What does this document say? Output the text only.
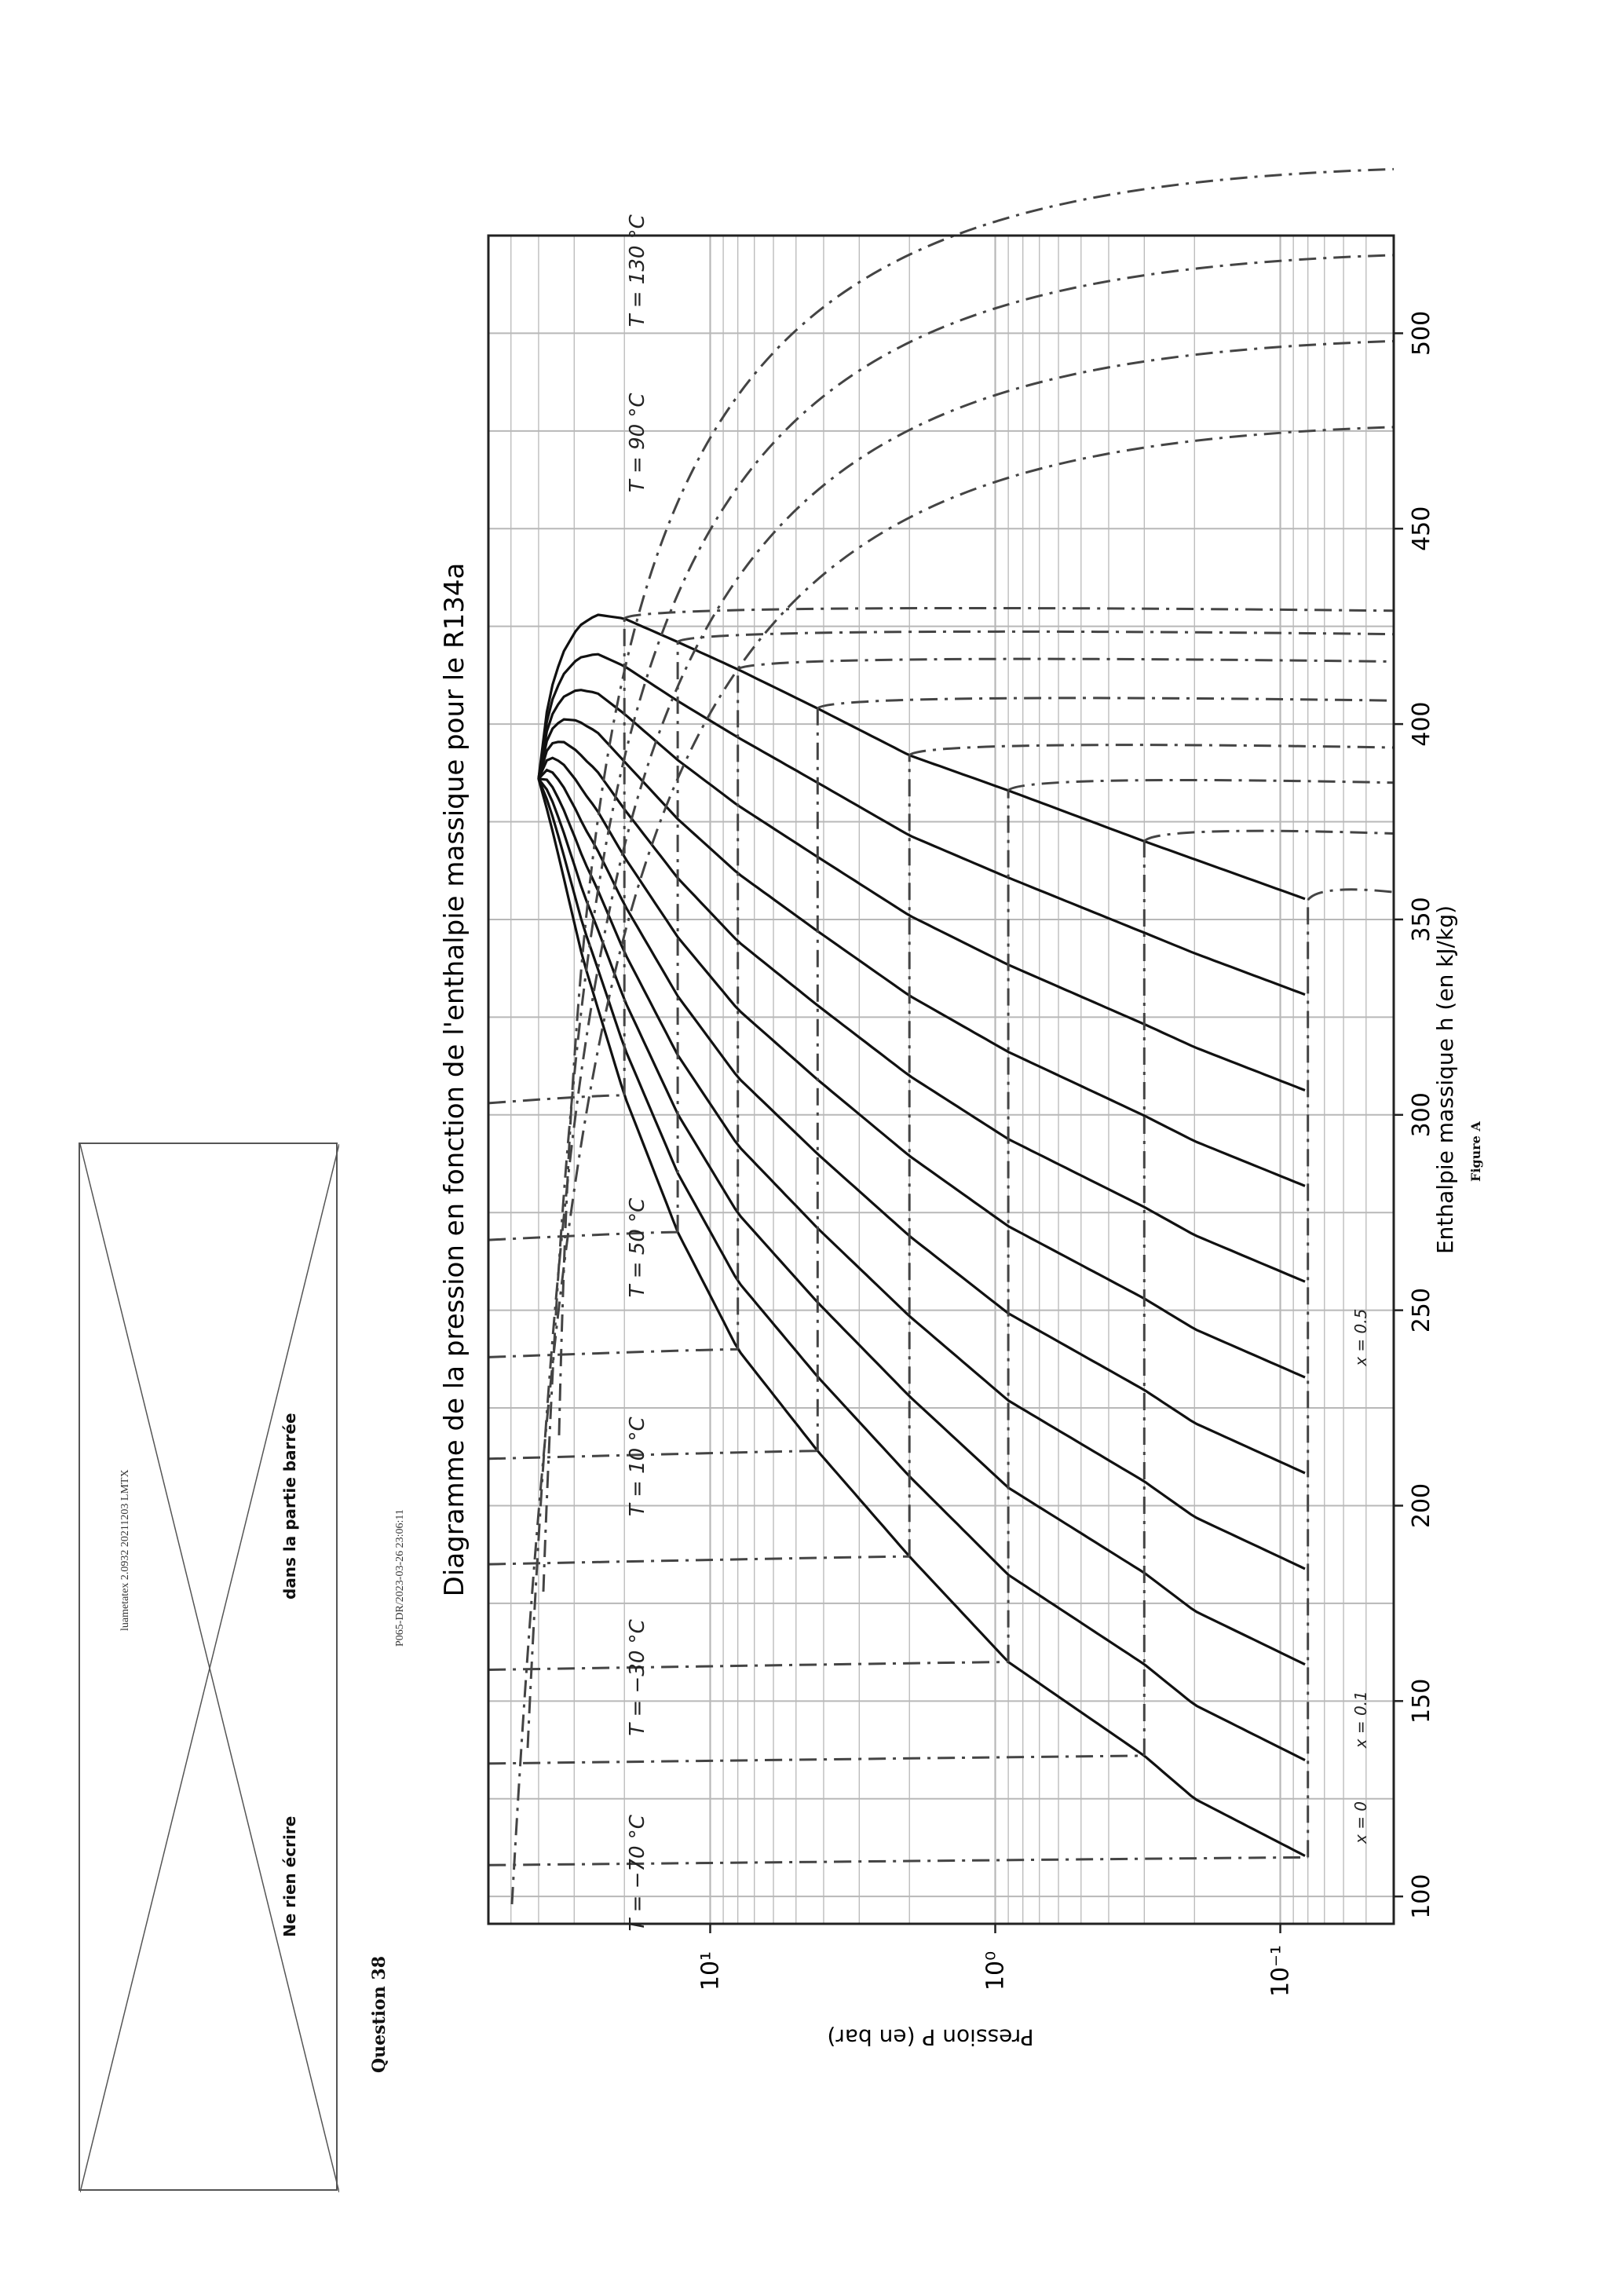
luametatex 2.0932 20211203 LMTX
Ne rien écrire
dans la partie barrée	P065-DR/2023-03-26 23:06:11
Question 38
x = 0
x = 0.1
x = 0.5
T = −70 °C
T = −30 °C
T = 10 °C
T = 50 °C
T = 90 °C
T = 130 °C
100
150
200
250
300
350
400
450
500
10⁻¹
10⁰
10¹
Diagramme de la pression en fonction de l'enthalpie massique pour le R134a	Enthalpie massique h (en kJ/kg)
Pression P (en bar)
Figure A
